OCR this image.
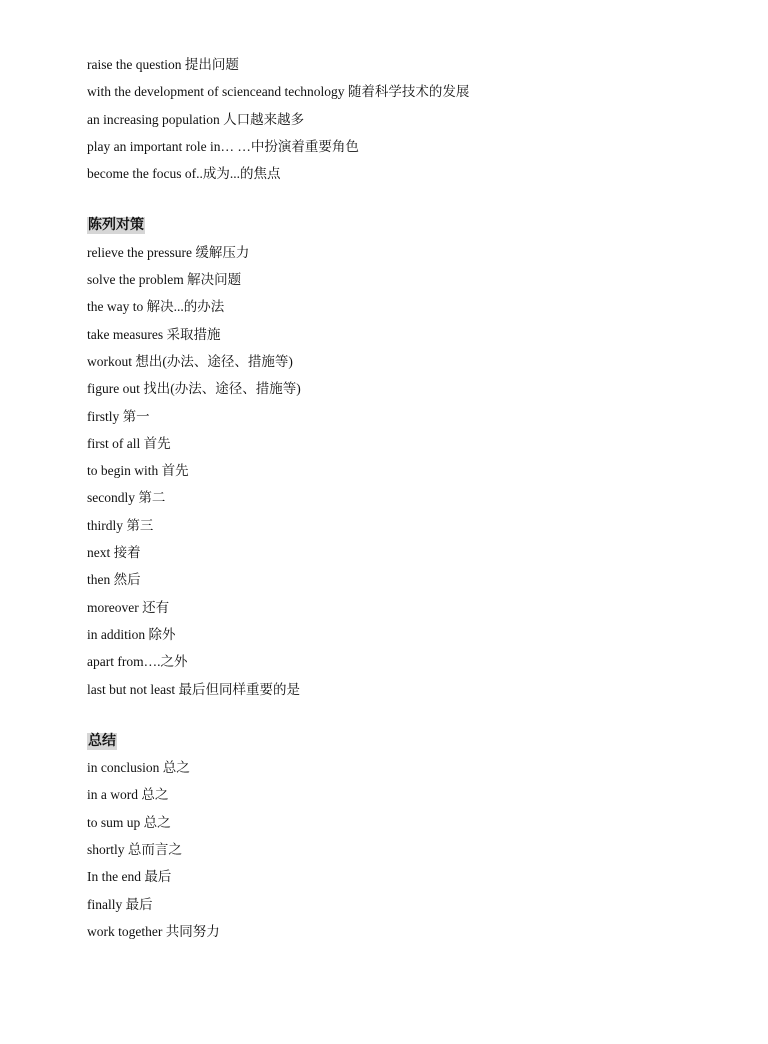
raise the question 提出问题
with the development of scienceand technology 随着科学技术的发展
an increasing population 人口越来越多
play an important role in… …中扮演着重要角色
become the focus of..成为...的焦点
陈列对策
relieve the pressure 缓解压力
solve the problem 解决问题
the way to 解决...的办法
take measures 采取措施
workout 想出(办法、途径、措施等)
figure out 找出(办法、途径、措施等)
firstly 第一
first of all 首先
to begin with 首先
secondly 第二
thirdly 第三
next 接着
then 然后
moreover 还有
in addition 除外
apart from….之外
last but not least 最后但同样重要的是
总结
in conclusion 总之
in a word 总之
to sum up 总之
shortly 总而言之
In the end 最后
finally 最后
work together 共同努力
